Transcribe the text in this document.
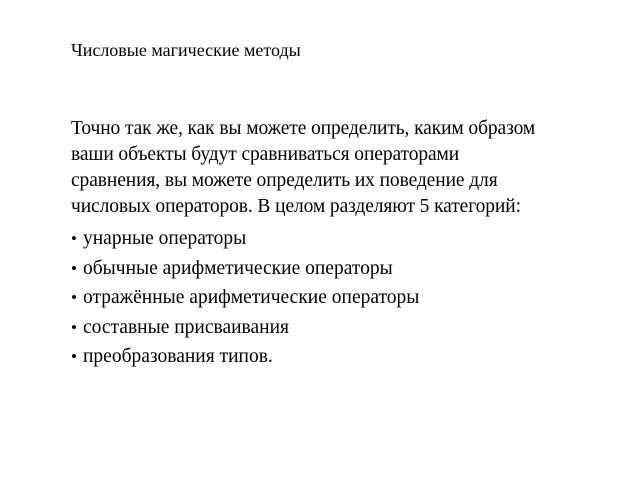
Числовые магические методы

Точно так же, как вы можете определить, каким образом
ваши объекты будут сравниваться операторами
сравнения, вы можете определить их поведение для
числовых операторов. В целом разделяют 5 категорий:

• унарные операторы
• обычные арифметические операторы
• отражённые арифметические операторы
• составные присваивания
• преобразования типов.
